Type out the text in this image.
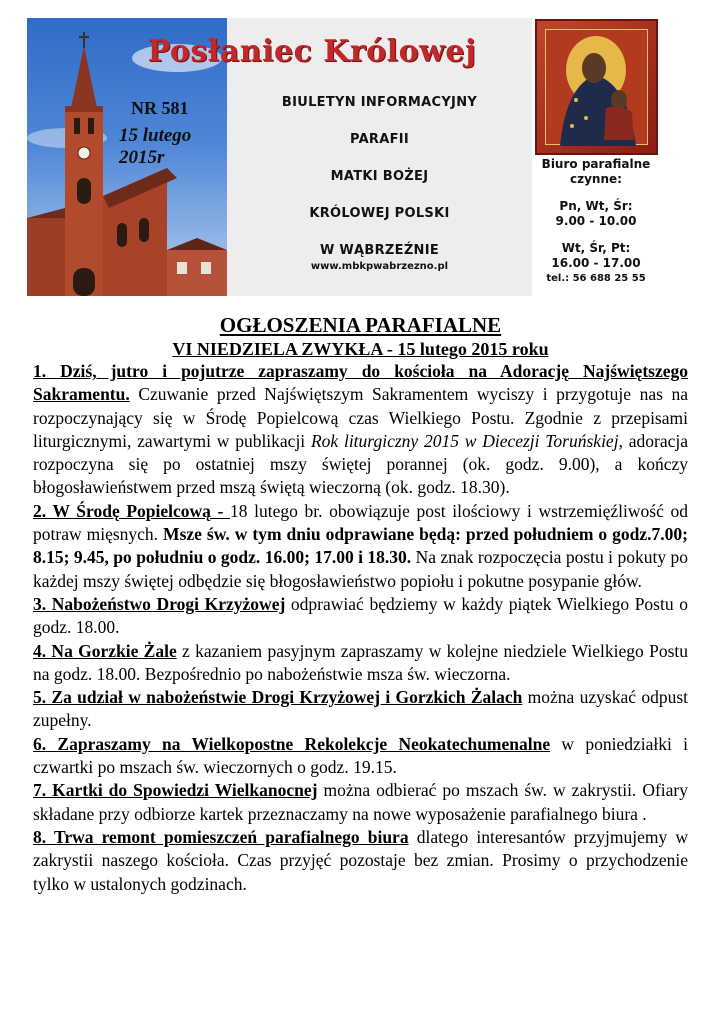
Posłaniec Królowej
NR 581
15 lutego
2015r
BIULETYN INFORMACYJNY
PARAFII
MATKI BOŻEJ
KRÓLOWEJ POLSKI
W WĄBRZEŹNIE
www.mbkpwabrzezno.pl
Biuro parafialne
czynne:
Pn, Wt, Śr:
9.00 - 10.00
Wt, Śr, Pt:
16.00 - 17.00
tel.: 56 688 25 55
OGŁOSZENIA PARAFIALNE
VI NIEDZIELA ZWYKŁA - 15 lutego 2015 roku

1. Dziś, jutro i pojutrze zapraszamy do kościoła na Adorację Najświętszego Sakramentu. Czuwanie przed Najświętszym Sakramentem wyciszy i przygotuje nas na rozpoczynający się w Środę Popielcową czas Wielkiego Postu. Zgodnie z przepisami liturgicznymi, zawartymi w publikacji Rok liturgiczny 2015 w Diecezji Toruńskiej, adoracja rozpoczyna się po ostatniej mszy świętej porannej (ok. godz. 9.00), a kończy błogosławieństwem przed mszą świętą wieczorną (ok. godz. 18.30).

2. W Środę Popielcową - 18 lutego br. obowiązuje post ilościowy i wstrzemięźliwość od potraw mięsnych. Msze św. w tym dniu odprawiane będą: przed południem o godz.7.00; 8.15; 9.45, po południu o godz. 16.00; 17.00 i 18.30. Na znak rozpoczęcia postu i pokuty po każdej mszy świętej odbędzie się błogosławieństwo popiołu i pokutne posypanie głów.

3. Nabożeństwo Drogi Krzyżowej odprawiać będziemy w każdy piątek Wielkiego Postu o godz. 18.00.

4. Na Gorzkie Żale z kazaniem pasyjnym zapraszamy w kolejne niedziele Wielkiego Postu na godz. 18.00. Bezpośrednio po nabożeństwie msza św. wieczorna.

5. Za udział w nabożeństwie Drogi Krzyżowej i Gorzkich Żalach można uzyskać odpust zupełny.

6. Zapraszamy na Wielkopostne Rekolekcje Neokatechumenalne w poniedziałki i czwartki po mszach św. wieczornych o godz. 19.15.

7. Kartki do Spowiedzi Wielkanocnej można odbierać po mszach św. w zakrystii. Ofiary składane przy odbiorze kartek przeznaczamy na nowe wyposażenie parafialnego biura .

8. Trwa remont pomieszczeń parafialnego biura dlatego interesantów przyjmujemy w zakrystii naszego kościoła. Czas przyjęć pozostaje bez zmian. Prosimy o przychodzenie tylko w ustalonych godzinach.
